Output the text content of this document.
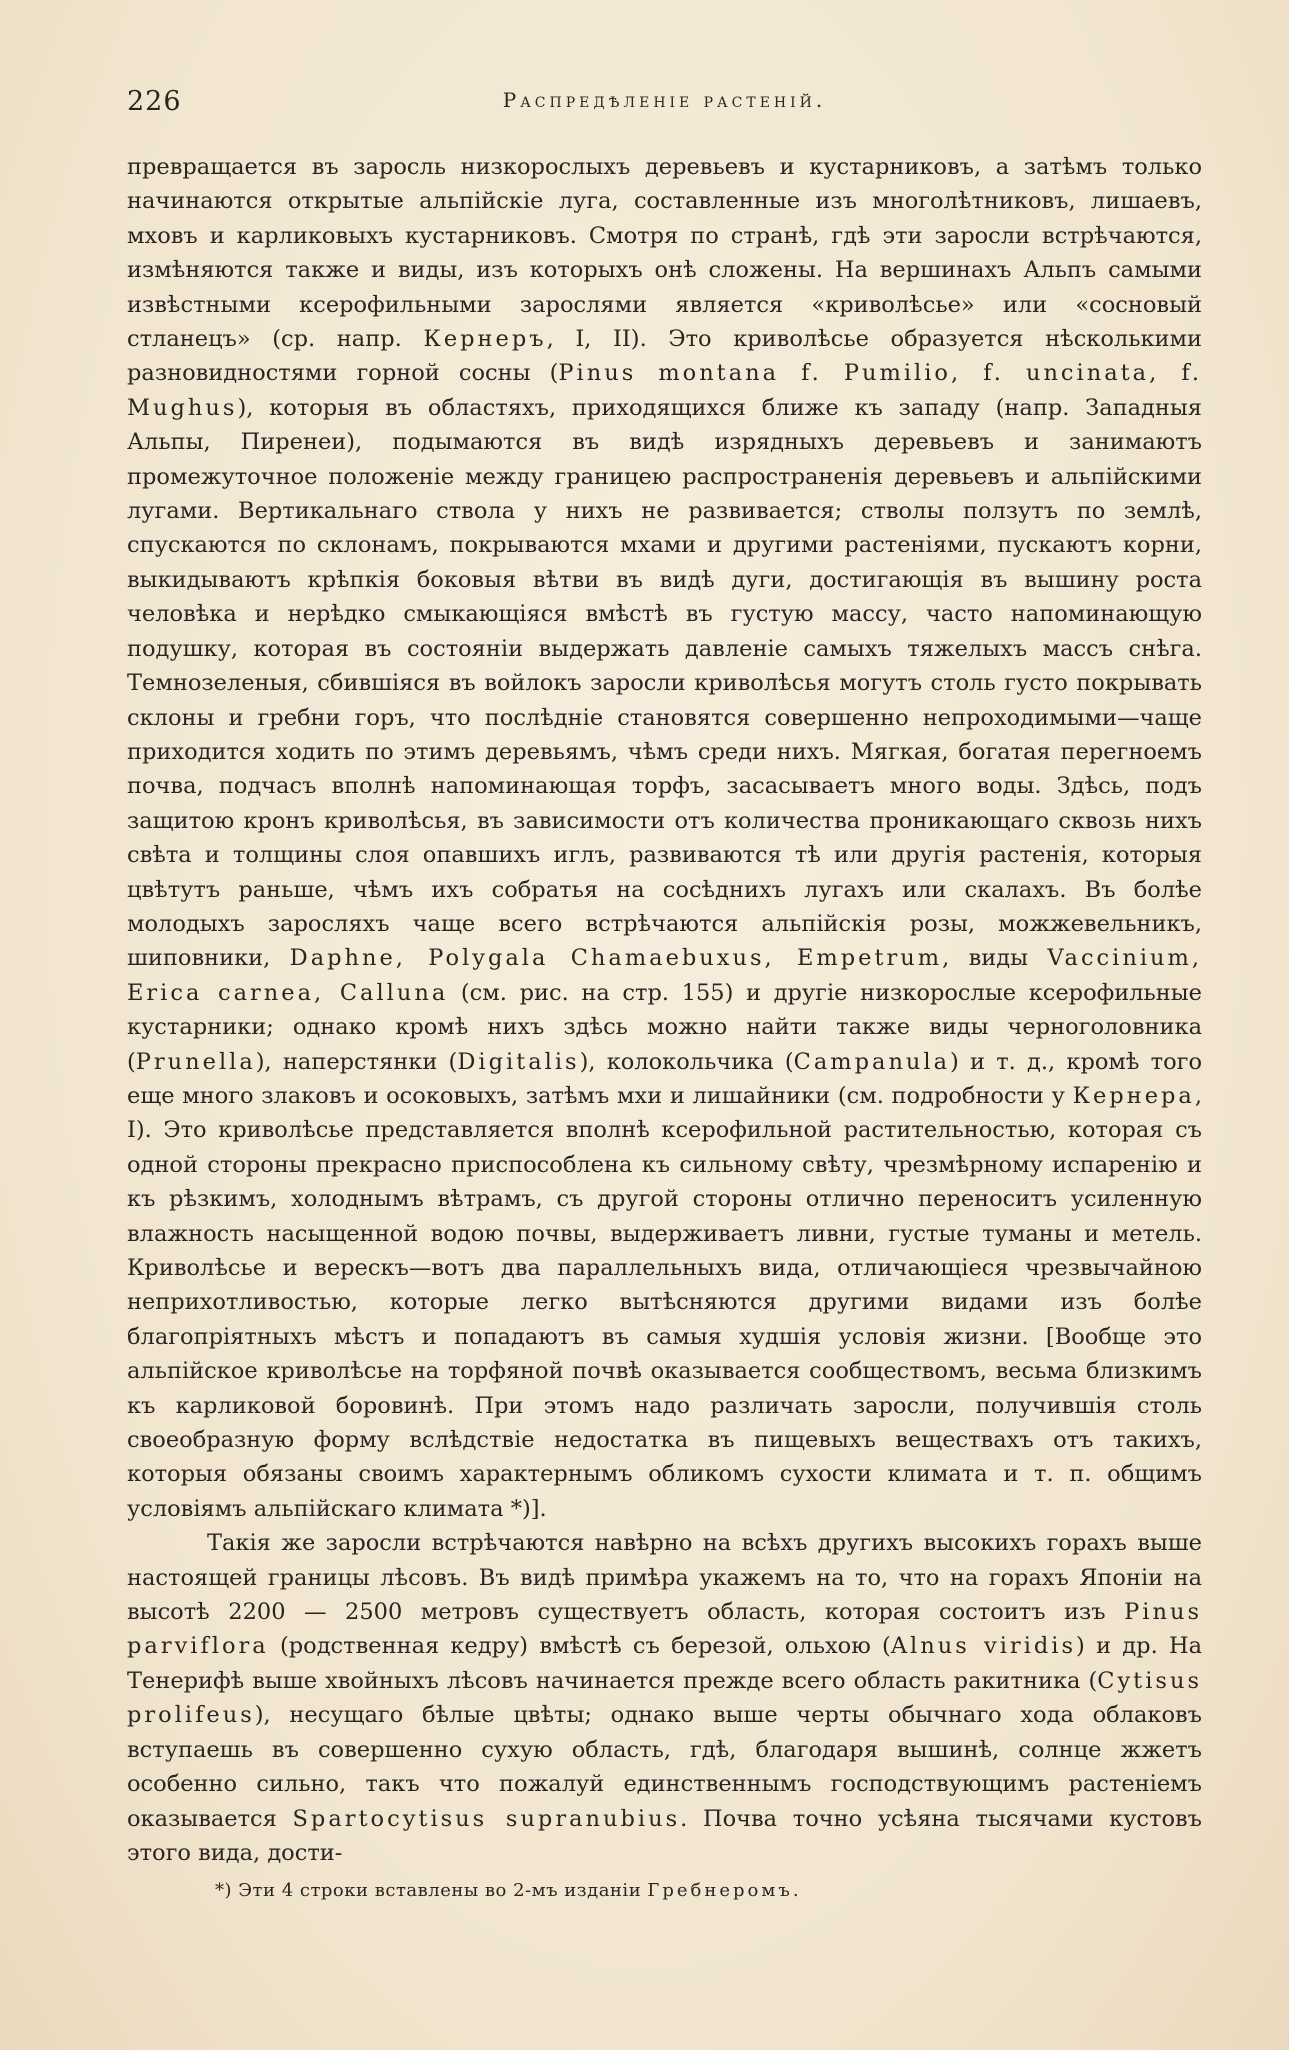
226	Распредѣленіе растеній.

превращается въ заросль низкорослыхъ деревьевъ и кустарниковъ, а затѣмъ только начинаются открытые альпійскіе луга, составленные изъ многолѣтниковъ, лишаевъ, мховъ и карликовыхъ кустарниковъ. Смотря по странѣ, гдѣ эти заросли встрѣчаются, измѣняются также и виды, изъ которыхъ онѣ сложены. На вершинахъ Альпъ самыми извѣстными ксерофильными зарослями является «криволѣсье» или «сосновый стланецъ» (ср. напр. Кернеръ, I, II). Это криволѣсье образуется нѣсколькими разновидностями горной сосны (Pinus montana f. Pumilio, f. uncinata, f. Mughus), которыя въ областяхъ, приходящихся ближе къ западу (напр. Западныя Альпы, Пиренеи), подымаются въ видѣ изрядныхъ деревьевъ и занимаютъ промежуточное положеніе между границею распространенія деревьевъ и альпійскими лугами. Вертикальнаго ствола у нихъ не развивается; стволы ползутъ по землѣ, спускаются по склонамъ, покрываются мхами и другими растеніями, пускаютъ корни, выкидываютъ крѣпкія боковыя вѣтви въ видѣ дуги, достигающія въ вышину роста человѣка и нерѣдко смыкающіяся вмѣстѣ въ густую массу, часто напоминающую подушку, которая въ состояніи выдержать давленіе самыхъ тяжелыхъ массъ снѣга. Темнозеленыя, сбившіяся въ войлокъ заросли криволѣсья могутъ столь густо покрывать склоны и гребни горъ, что послѣдніе становятся совершенно непроходимыми—чаще приходится ходить по этимъ деревьямъ, чѣмъ среди нихъ. Мягкая, богатая перегноемъ почва, подчасъ вполнѣ напоминающая торфъ, засасываетъ много воды. Здѣсь, подъ защитою кронъ криволѣсья, въ зависимости отъ количества проникающаго сквозь нихъ свѣта и толщины слоя опавшихъ иглъ, развиваются тѣ или другія растенія, которыя цвѣтутъ раньше, чѣмъ ихъ собратья на сосѣднихъ лугахъ или скалахъ. Въ болѣе молодыхъ заросляхъ чаще всего встрѣчаются альпійскія розы, можжевельникъ, шиповники, Daphne, Polygala Chamaebuxus, Empetrum, виды Vaccinium, Erica carnea, Calluna (см. рис. на стр. 155) и другіе низкорослые ксерофильные кустарники; однако кромѣ нихъ здѣсь можно найти также виды черноголовника (Prunella), наперстянки (Digitalis), колокольчика (Campanula) и т. д., кромѣ того еще много злаковъ и осоковыхъ, затѣмъ мхи и лишайники (см. подробности у Кернера, I). Это криволѣсье представляется вполнѣ ксерофильной растительностью, которая съ одной стороны прекрасно приспособлена къ сильному свѣту, чрезмѣрному испаренію и къ рѣзкимъ, холоднымъ вѣтрамъ, съ другой стороны отлично переноситъ усиленную влажность насыщенной водою почвы, выдерживаетъ ливни, густые туманы и метель. Криволѣсье и верескъ—вотъ два параллельныхъ вида, отличающіеся чрезвычайною неприхотливостью, которые легко вытѣсняются другими видами изъ болѣе благопріятныхъ мѣстъ и попадаютъ въ самыя худшія условія жизни. [Вообще это альпійское криволѣсье на торфяной почвѣ оказывается сообществомъ, весьма близкимъ къ карликовой боровинѣ. При этомъ надо различать заросли, получившія столь своеобразную форму вслѣдствіе недостатка въ пищевыхъ веществахъ отъ такихъ, которыя обязаны своимъ характернымъ обликомъ сухости климата и т. п. общимъ условіямъ альпійскаго климата *)].

Такія же заросли встрѣчаются навѣрно на всѣхъ другихъ высокихъ горахъ выше настоящей границы лѣсовъ. Въ видѣ примѣра укажемъ на то, что на горахъ Японіи на высотѣ 2200 — 2500 метровъ существуетъ область, которая состоитъ изъ Pinus parviflora (родственная кедру) вмѣстѣ съ березой, ольхою (Alnus viridis) и др. На Тенерифѣ выше хвойныхъ лѣсовъ начинается прежде всего область ракитника (Cytisus prolifeus), несущаго бѣлые цвѣты; однако выше черты обычнаго хода облаковъ вступаешь въ совершенно сухую область, гдѣ, благодаря вышинѣ, солнце жжетъ особенно сильно, такъ что пожалуй единственнымъ господствующимъ растеніемъ оказывается Spartocytisus supranubius. Почва точно усѣяна тысячами кустовъ этого вида, дости-

*) Эти 4 строки вставлены во 2-мъ изданіи Гребнеромъ.
